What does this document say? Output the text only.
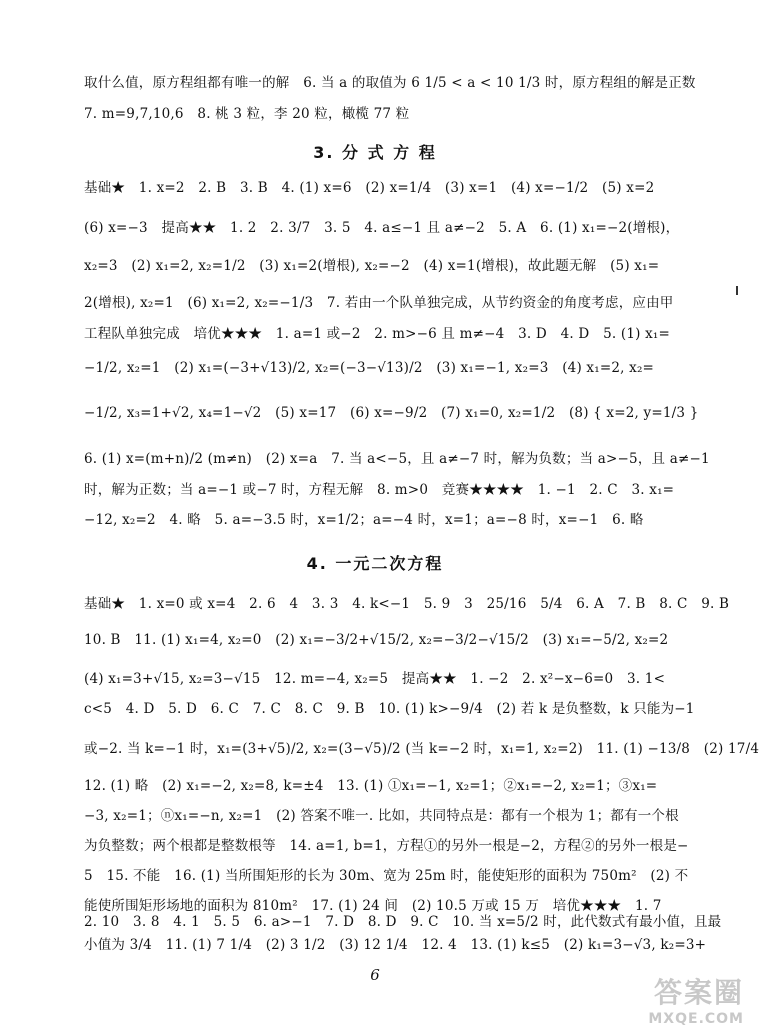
取什么值，原方程组都有唯一的解　6. 当 a 的取值为 6 1/5 < a < 10 1/3 时，原方程组的解是正数
7. m=9,7,10,6　8. 桃 3 粒，李 20 粒，橄榄 77 粒
3. 分 式 方 程
基础★　1. x=2　2. B　3. B　4. (1) x=6　(2) x=1/4　(3) x=1　(4) x=−1/2　(5) x=2
(6) x=−3　提高★★　1. 2　2. 3/7　3. 5　4. a≤−1 且 a≠−2　5. A　6. (1) x₁=−2(增根)，
x₂=3　(2) x₁=2, x₂=1/2　(3) x₁=2(增根), x₂=−2　(4) x=1(增根)，故此题无解　(5) x₁=
2(增根), x₂=1　(6) x₁=2, x₂=−1/3　7. 若由一个队单独完成，从节约资金的角度考虑，应由甲
工程队单独完成　培优★★★　1. a=1 或−2　2. m>−6 且 m≠−4　3. D　4. D　5. (1) x₁=
−1/2, x₂=1　(2) x₁=(−3+√13)/2, x₂=(−3−√13)/2　(3) x₁=−1, x₂=3　(4) x₁=2, x₂=
−1/2, x₃=1+√2, x₄=1−√2　(5) x=17　(6) x=−9/2　(7) x₁=0, x₂=1/2　(8) { x=2, y=1/3 }
6. (1) x=(m+n)/2 (m≠n)　(2) x=a　7. 当 a<−5，且 a≠−7 时，解为负数；当 a>−5，且 a≠−1
时，解为正数；当 a=−1 或−7 时，方程无解　8. m>0　竞赛★★★★　1. −1　2. C　3. x₁=
−12, x₂=2　4. 略　5. a=−3.5 时，x=1/2；a=−4 时，x=1；a=−8 时，x=−1　6. 略
4. 一元二次方程
基础★　1. x=0 或 x=4　2. 6　4　3. 3　4. k<−1　5. 9　3　25/16　5/4　6. A　7. B　8. C　9. B
10. B　11. (1) x₁=4, x₂=0　(2) x₁=−3/2+√15/2, x₂=−3/2−√15/2　(3) x₁=−5/2, x₂=2
(4) x₁=3+√15, x₂=3−√15　12. m=−4, x₂=5　提高★★　1. −2　2. x²−x−6=0　3. 1<
c<5　4. D　5. D　6. C　7. C　8. C　9. B　10. (1) k>−9/4　(2) 若 k 是负整数，k 只能为−1
或−2. 当 k=−1 时，x₁=(3+√5)/2, x₂=(3−√5)/2 (当 k=−2 时，x₁=1, x₂=2)　11. (1) −13/8　(2) 17/4
12. (1) 略　(2) x₁=−2, x₂=8, k=±4　13. (1) ①x₁=−1, x₂=1；②x₁=−2, x₂=1；③x₁=
−3, x₂=1；ⓝx₁=−n, x₂=1　(2) 答案不唯一. 比如，共同特点是：都有一个根为 1；都有一个根
为负整数；两个根都是整数根等　14. a=1, b=1，方程①的另外一根是−2，方程②的另外一根是−
5　15. 不能　16. (1) 当所围矩形的长为 30m、宽为 25m 时，能使矩形的面积为 750m²　(2) 不
能使所围矩形场地的面积为 810m²　17. (1) 24 间　(2) 10.5 万或 15 万　培优★★★　1. 7
2. 10　3. 8　4. 1　5. 5　6. a>−1　7. D　8. D　9. C　10. 当 x=5/2 时，此代数式有最小值，且最
6
答案圈
MXQE.COM
小值为 3/4　11. (1) 7 1/4　(2) 3 1/2　(3) 12 1/4　12. 4　13. (1) k≤5　(2) k₁=3−√3, k₂=3+
